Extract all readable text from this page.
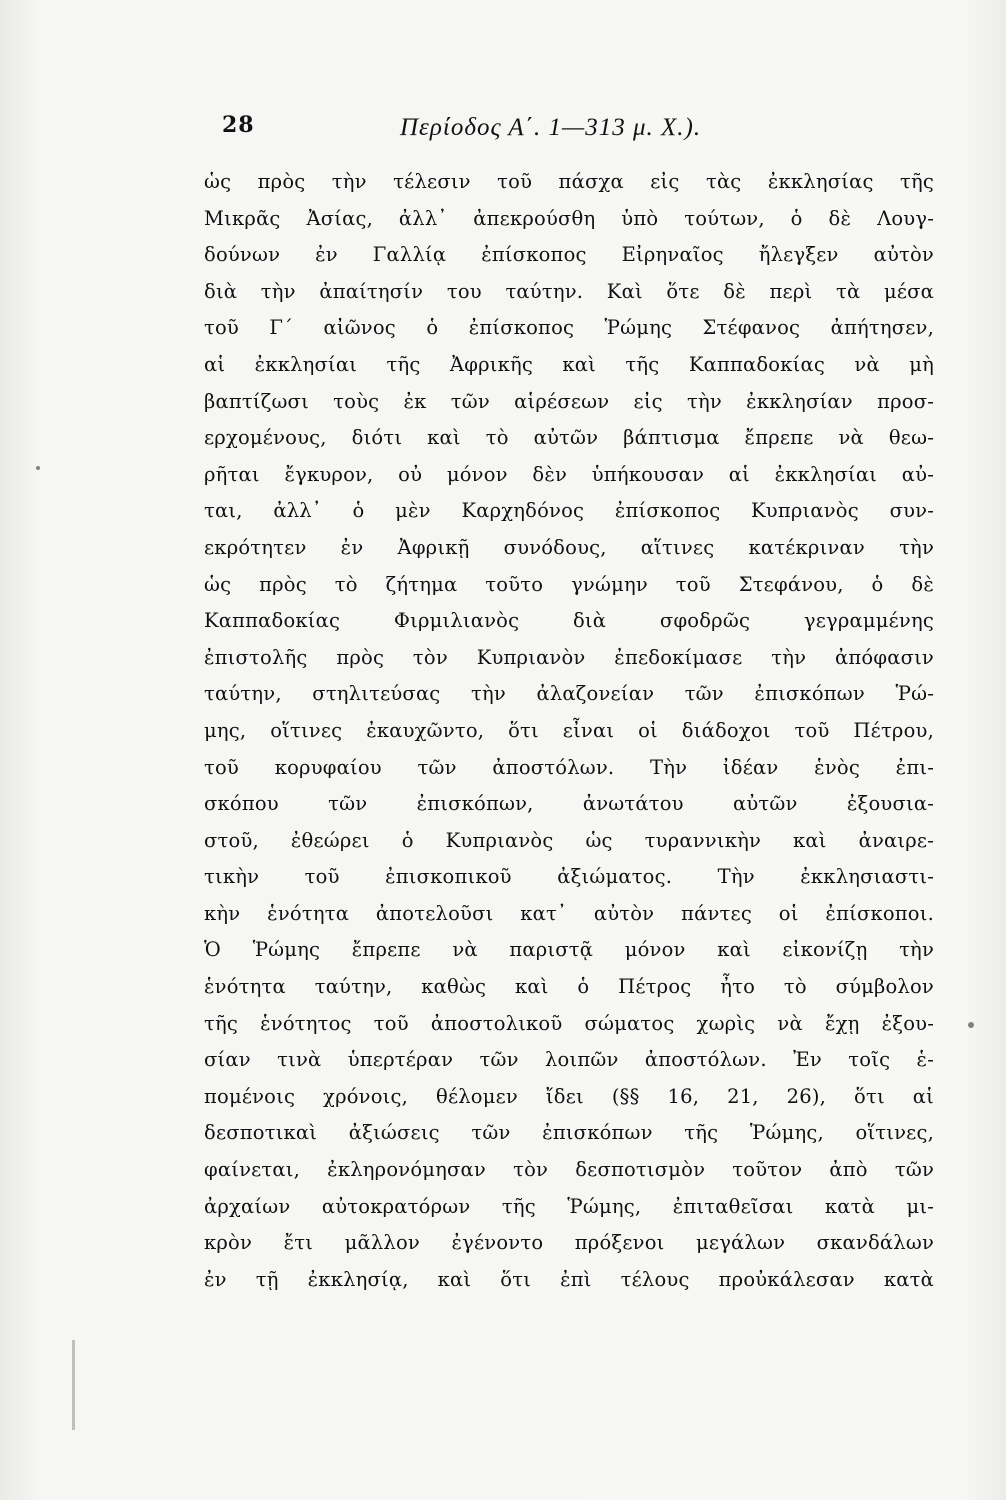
28	Περίοδος Α΄. 1—313 μ. Χ.).
ὡς πρὸς τὴν τέλεσιν τοῦ πάσχα εἰς τὰς ἐκκλησίας τῆς
Μικρᾶς Ἀσίας, ἀλλ᾽ ἀπεκρούσθη ὑπὸ τούτων, ὁ δὲ Λουγ-
δούνων ἐν Γαλλίᾳ ἐπίσκοπος Εἰρηναῖος ἤλεγξεν αὐτὸν
διὰ τὴν ἀπαίτησίν του ταύτην. Καὶ ὅτε δὲ περὶ τὰ μέσα
τοῦ Γ΄ αἰῶνος ὁ ἐπίσκοπος Ῥώμης Στέφανος ἀπήτησεν,
αἱ ἐκκλησίαι τῆς Ἀφρικῆς καὶ τῆς Καππαδοκίας νὰ μὴ
βαπτίζωσι τοὺς ἐκ τῶν αἱρέσεων εἰς τὴν ἐκκλησίαν προσ-
ερχομένους, διότι καὶ τὸ αὐτῶν βάπτισμα ἔπρεπε νὰ θεω-
ρῆται ἔγκυρον, οὐ μόνον δὲν ὑπήκουσαν αἱ ἐκκλησίαι αὐ-
ται, ἀλλ᾽ ὁ μὲν Καρχηδόνος ἐπίσκοπος Κυπριανὸς συν-
εκρότητεν ἐν Ἀφρικῇ συνόδους, αἵτινες κατέκριναν τὴν
ὡς πρὸς τὸ ζήτημα τοῦτο γνώμην τοῦ Στεφάνου, ὁ δὲ
Καππαδοκίας Φιρμιλιανὸς διὰ σφοδρῶς γεγραμμένης
ἐπιστολῆς πρὸς τὸν Κυπριανὸν ἐπεδοκίμασε τὴν ἀπόφασιν
ταύτην, στηλιτεύσας τὴν ἀλαζονείαν τῶν ἐπισκόπων Ῥώ-
μης, οἵτινες ἐκαυχῶντο, ὅτι εἶναι οἱ διάδοχοι τοῦ Πέτρου,
τοῦ κορυφαίου τῶν ἀποστόλων. Τὴν ἰδέαν ἑνὸς ἐπι-
σκόπου τῶν ἐπισκόπων, ἀνωτάτου αὐτῶν ἐξουσια-
στοῦ, ἐθεώρει ὁ Κυπριανὸς ὡς τυραννικὴν καὶ ἀναιρε-
τικὴν τοῦ ἐπισκοπικοῦ ἀξιώματος. Τὴν ἐκκλησιαστι-
κὴν ἑνότητα ἀποτελοῦσι κατ᾽ αὐτὸν πάντες οἱ ἐπίσκοποι.
Ὁ Ῥώμης ἔπρεπε νὰ παριστᾷ μόνον καὶ εἰκονίζῃ τὴν
ἑνότητα ταύτην, καθὼς καὶ ὁ Πέτρος ἦτο τὸ σύμβολον
τῆς ἑνότητος τοῦ ἀποστολικοῦ σώματος χωρὶς νὰ ἔχῃ ἐξου-
σίαν τινὰ ὑπερτέραν τῶν λοιπῶν ἀποστόλων. Ἐν τοῖς ἑ-
πομένοις χρόνοις, θέλομεν ἴδει (§§ 16, 21, 26), ὅτι αἱ
δεσποτικαὶ ἀξιώσεις τῶν ἐπισκόπων τῆς Ῥώμης, οἵτινες,
φαίνεται, ἐκληρονόμησαν τὸν δεσποτισμὸν τοῦτον ἀπὸ τῶν
ἀρχαίων αὐτοκρατόρων τῆς Ῥώμης, ἐπιταθεῖσαι κατὰ μι-
κρὸν ἔτι μᾶλλον ἐγένοντο πρόξενοι μεγάλων σκανδάλων
ἐν τῇ ἐκκλησίᾳ, καὶ ὅτι ἐπὶ τέλους προὐκάλεσαν κατὰ
